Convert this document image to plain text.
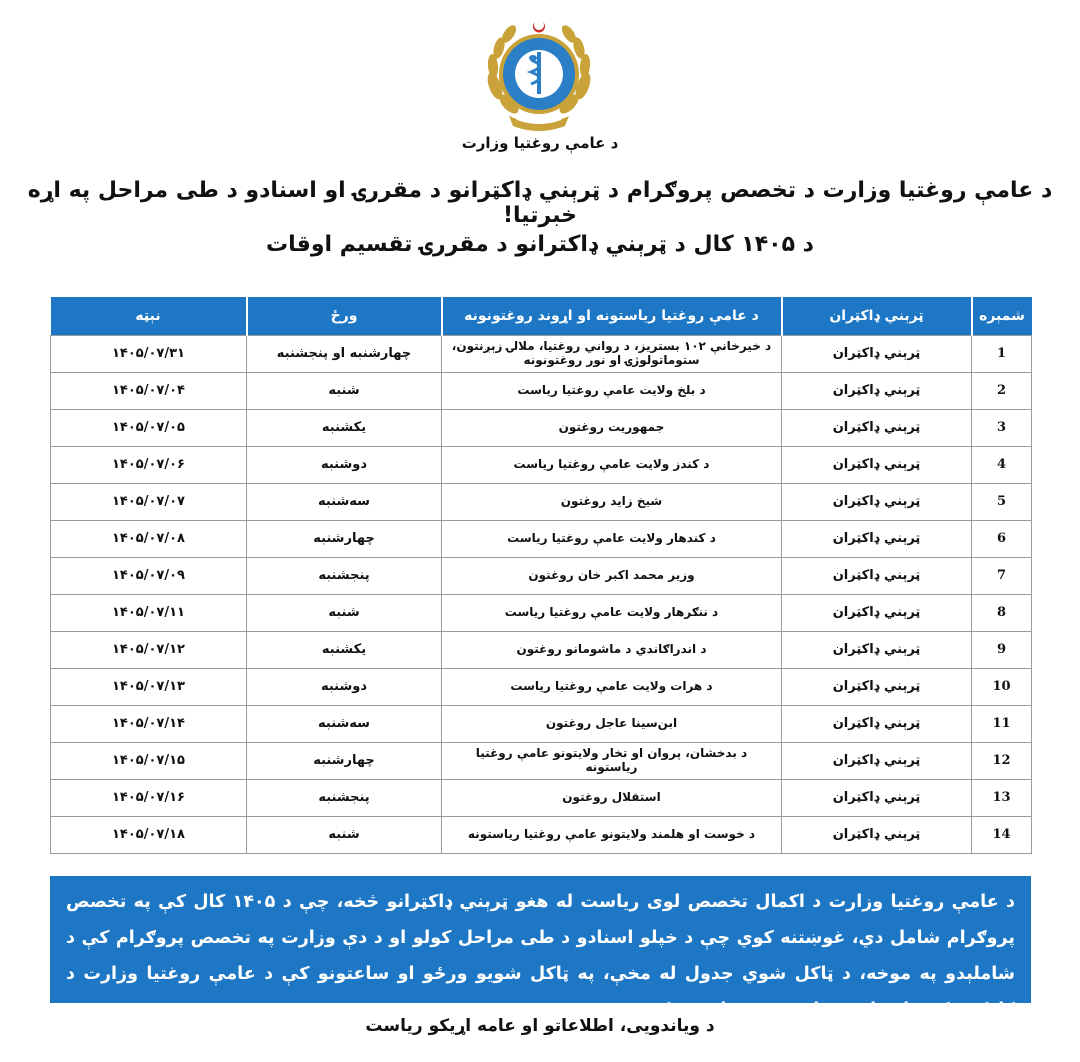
د عامې روغتیا وزارت
د عامې روغتيا وزارت د تخصص پروګرام د ټرېني ډاکټرانو د مقررۍ او اسنادو د طی مراحل په اړه خبرتيا!
د ۱۴۰۵ کال د ټرېني ډاکترانو د مقررۍ تقسیم اوقات
شمېره	ټرېني ډاکټران	د عامې روغتیا ریاستونه او اړوند روغتونونه	ورځ	نېټه
1	ټرېني ډاکټران	د خیرخانې ۱۰۲ بستریز، د رواني روغتیا، ملالۍ زېږنتون، ستوماتولوژۍ او نور روغتونونه	چهارشنبه او پنجشنبه	۱۴۰۵/۰۷/۳۱
2	ټرېني ډاکټران	د بلخ ولایت عامې روغتیا ریاست	شنبه	۱۴۰۵/۰۷/۰۴
3	ټرېني ډاکټران	جمهوریت روغتون	یکشنبه	۱۴۰۵/۰۷/۰۵
4	ټرېني ډاکټران	د کندز ولایت عامې روغتیا ریاست	دوشنبه	۱۴۰۵/۰۷/۰۶
5	ټرېني ډاکټران	شیخ زاید روغتون	سه‌شنبه	۱۴۰۵/۰۷/۰۷
6	ټرېني ډاکټران	د کندهار ولایت عامې روغتیا ریاست	چهارشنبه	۱۴۰۵/۰۷/۰۸
7	ټرېني ډاکټران	وزیر محمد اکبر خان روغتون	پنجشنبه	۱۴۰۵/۰۷/۰۹
8	ټرېني ډاکټران	د ننګرهار ولایت عامې روغتیا ریاست	شنبه	۱۴۰۵/۰۷/۱۱
9	ټرېني ډاکټران	د اندراګاندي د ماشومانو روغتون	یکشنبه	۱۴۰۵/۰۷/۱۲
10	ټرېني ډاکټران	د هرات ولایت عامې روغتیا ریاست	دوشنبه	۱۴۰۵/۰۷/۱۳
11	ټرېني ډاکټران	ابن‌سینا عاجل روغتون	سه‌شنبه	۱۴۰۵/۰۷/۱۴
12	ټرېني ډاکټران	د بدخشان، پروان او تخار ولایتونو عامې روغتیا ریاستونه	چهارشنبه	۱۴۰۵/۰۷/۱۵
13	ټرېني ډاکټران	استقلال روغتون	پنجشنبه	۱۴۰۵/۰۷/۱۶
14	ټرېني ډاکټران	د خوست او هلمند ولایتونو عامې روغتیا ریاستونه	شنبه	۱۴۰۵/۰۷/۱۸
د عامې روغتیا وزارت د اکمال تخصص لوی ریاست له هغو ټرېني ډاکټرانو څخه، چې د ۱۴۰۵ کال کې په تخصص پروګرام شامل دي، غوښتنه کوي چې د خپلو اسنادو د طی مراحل کولو او د دې وزارت په تخصص پروګرام کې د شاملېدو په موخه، د ټاکل شوي جدول له مخې، په ټاکل شویو ورځو او ساعتونو کې د عامې روغتیا وزارت د کارکوونکو چارو لوی ریاست ته مراجعه وکړي.
د ویاندویی، اطلاعاتو او عامه اړیکو ریاست
